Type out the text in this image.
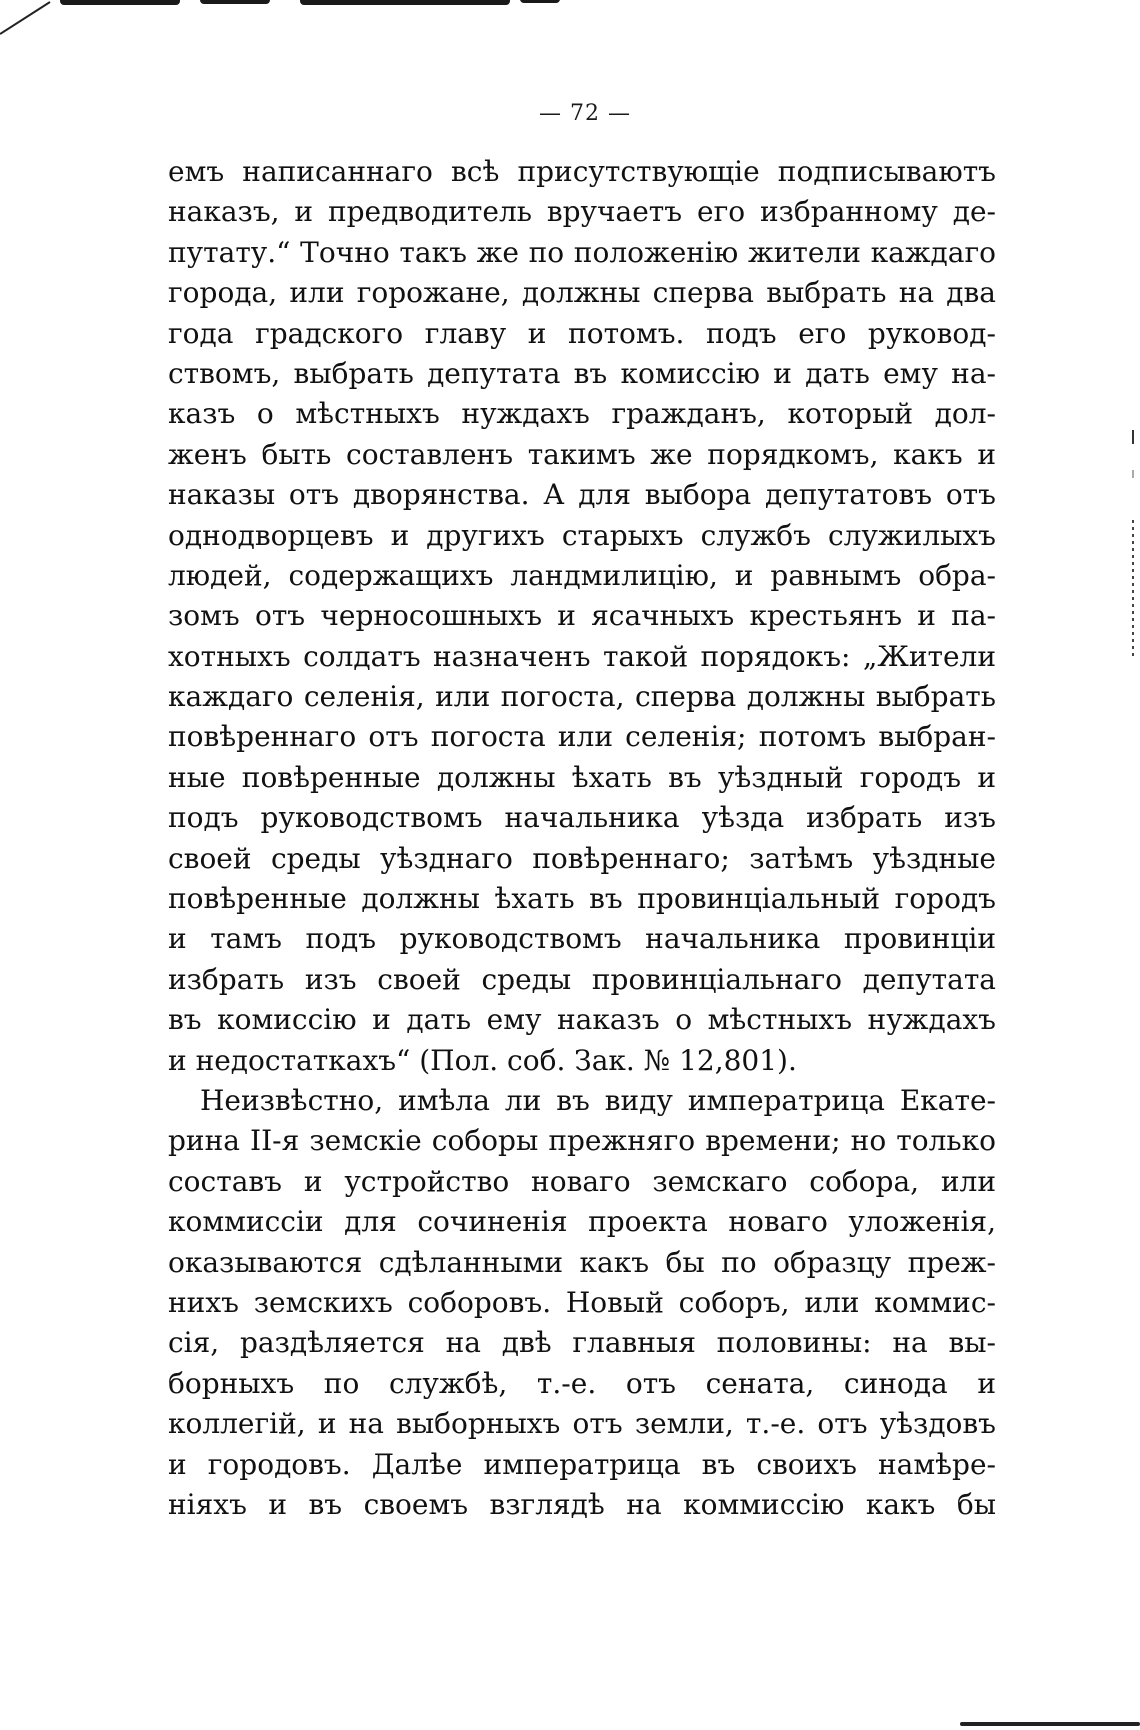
— 72 —
емъ написаннаго всѣ присутствующіе подписываютъ
наказъ, и предводитель вручаетъ его избранному де-
путату.“ Точно такъ же по положенію жители каждаго
города, или горожане, должны сперва выбрать на два
года градского главу и потомъ. подъ его руковод-
ствомъ, выбрать депутата въ комиссію и дать ему на-
казъ о мѣстныхъ нуждахъ гражданъ, который дол-
женъ быть составленъ такимъ же порядкомъ, какъ и
наказы отъ дворянства. А для выбора депутатовъ отъ
однодворцевъ и другихъ старыхъ службъ служилыхъ
людей, содержащихъ ландмилицію, и равнымъ обра-
зомъ отъ черносошныхъ и ясачныхъ крестьянъ и па-
хотныхъ солдатъ назначенъ такой порядокъ: „Жители
каждаго селенія, или погоста, сперва должны выбрать
повѣреннаго отъ погоста или селенія; потомъ выбран-
ные повѣренные должны ѣхать въ уѣздный городъ и
подъ руководствомъ начальника уѣзда избрать изъ
своей среды уѣзднаго повѣреннаго; затѣмъ уѣздные
повѣренные должны ѣхать въ провинціальный городъ
и тамъ подъ руководствомъ начальника провинціи
избрать изъ своей среды провинціальнаго депутата
въ комиссію и дать ему наказъ о мѣстныхъ нуждахъ
и недостаткахъ“ (Пол. соб. Зак. № 12,801).
Неизвѣстно, имѣла ли въ виду императрица Екате-
рина II-я земскіе соборы прежняго времени; но только
составъ и устройство новаго земскаго собора, или
коммиссіи для сочиненія проекта новаго уложенія,
оказываются сдѣланными какъ бы по образцу преж-
нихъ земскихъ соборовъ. Новый соборъ, или коммис-
сія, раздѣляется на двѣ главныя половины: на вы-
борныхъ по службѣ, т.-е. отъ сената, синода и
коллегій, и на выборныхъ отъ земли, т.-е. отъ уѣздовъ
и городовъ. Далѣе императрица въ своихъ намѣре-
ніяхъ и въ своемъ взглядѣ на коммиссію какъ бы
